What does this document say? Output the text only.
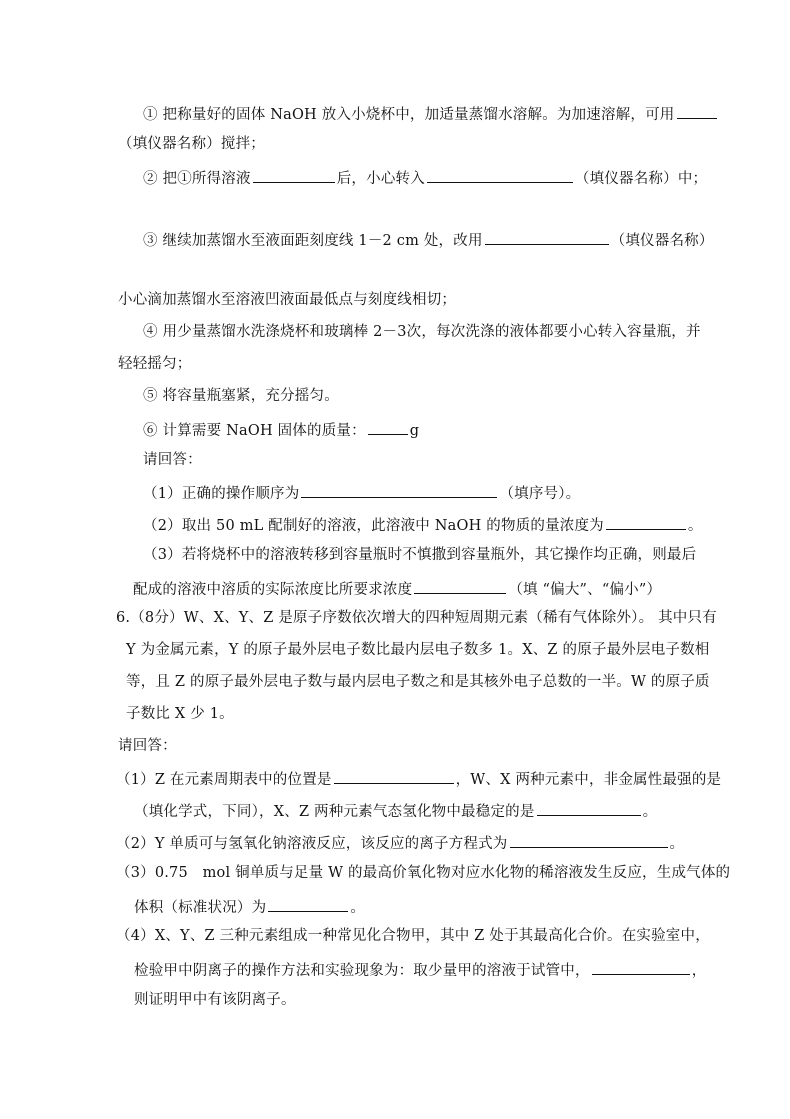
① 把称量好的固体 NaOH 放入小烧杯中，加适量蒸馏水溶解。为加速溶解，可用
（填仪器名称）搅拌；
② 把①所得溶液	后，小心转入	（填仪器名称）中；
③ 继续加蒸馏水至液面距刻度线 1－2 cm 处，改用	（填仪器名称）
小心滴加蒸馏水至溶液凹液面最低点与刻度线相切；
④ 用少量蒸馏水洗涤烧杯和玻璃棒 2－3次，每次洗涤的液体都要小心转入容量瓶，并
轻轻摇匀；
⑤ 将容量瓶塞紧，充分摇匀。
⑥ 计算需要 NaOH 固体的质量：	g
请回答：
（1）正确的操作顺序为	（填序号）。
（2）取出 50 mL 配制好的溶液，此溶液中 NaOH 的物质的量浓度为	。
（3）若将烧杯中的溶液转移到容量瓶时不慎撒到容量瓶外，其它操作均正确，则最后
配成的溶液中溶质的实际浓度比所要求浓度	（填 “偏大”、“偏小”）
6.（8分）W、X、Y、Z 是原子序数依次增大的四种短周期元素（稀有气体除外）。 其中只有
Y 为金属元素，Y 的原子最外层电子数比最内层电子数多 1。X、Z 的原子最外层电子数相
等，且 Z 的原子最外层电子数与最内层电子数之和是其核外电子总数的一半。W 的原子质
子数比 X 少 1。
请回答：
（1）Z 在元素周期表中的位置是	，W、X 两种元素中，非金属性最强的是
（填化学式，下同），X、Z 两种元素气态氢化物中最稳定的是	。
（2）Y 单质可与氢氧化钠溶液反应，该反应的离子方程式为	。
（3）0.75　mol 铜单质与足量 W 的最高价氧化物对应水化物的稀溶液发生反应，生成气体的
体积（标准状况）为	。
（4）X、Y、Z 三种元素组成一种常见化合物甲，其中 Z 处于其最高化合价。在实验室中，
检验甲中阴离子的操作方法和实验现象为：取少量甲的溶液于试管中，	，
则证明甲中有该阴离子。
